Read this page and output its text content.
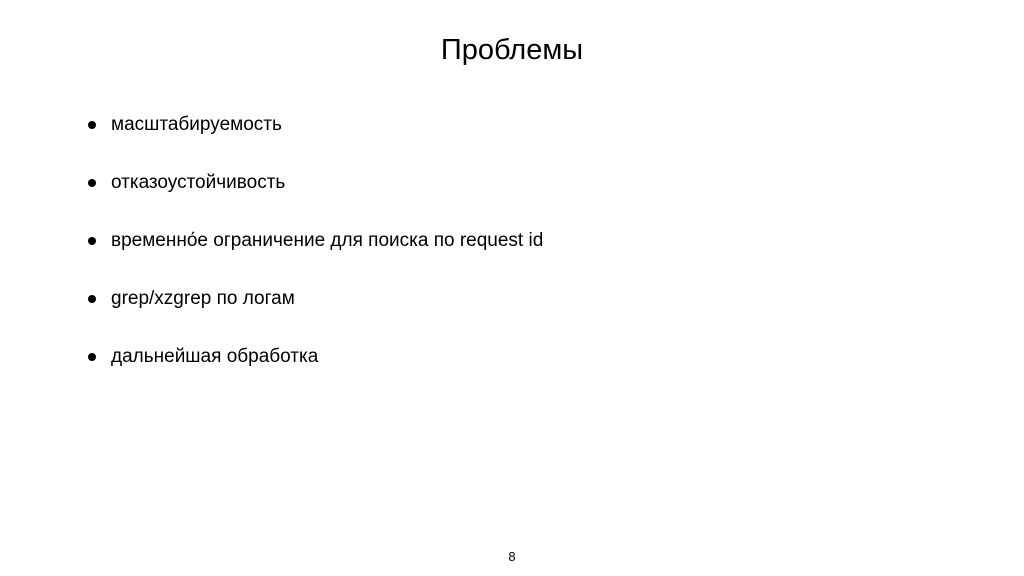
Проблемы
масштабируемость
отказоустойчивость
временно́е ограничение для поиска по request id
grep/xzgrep по логам
дальнейшая обработка
8
